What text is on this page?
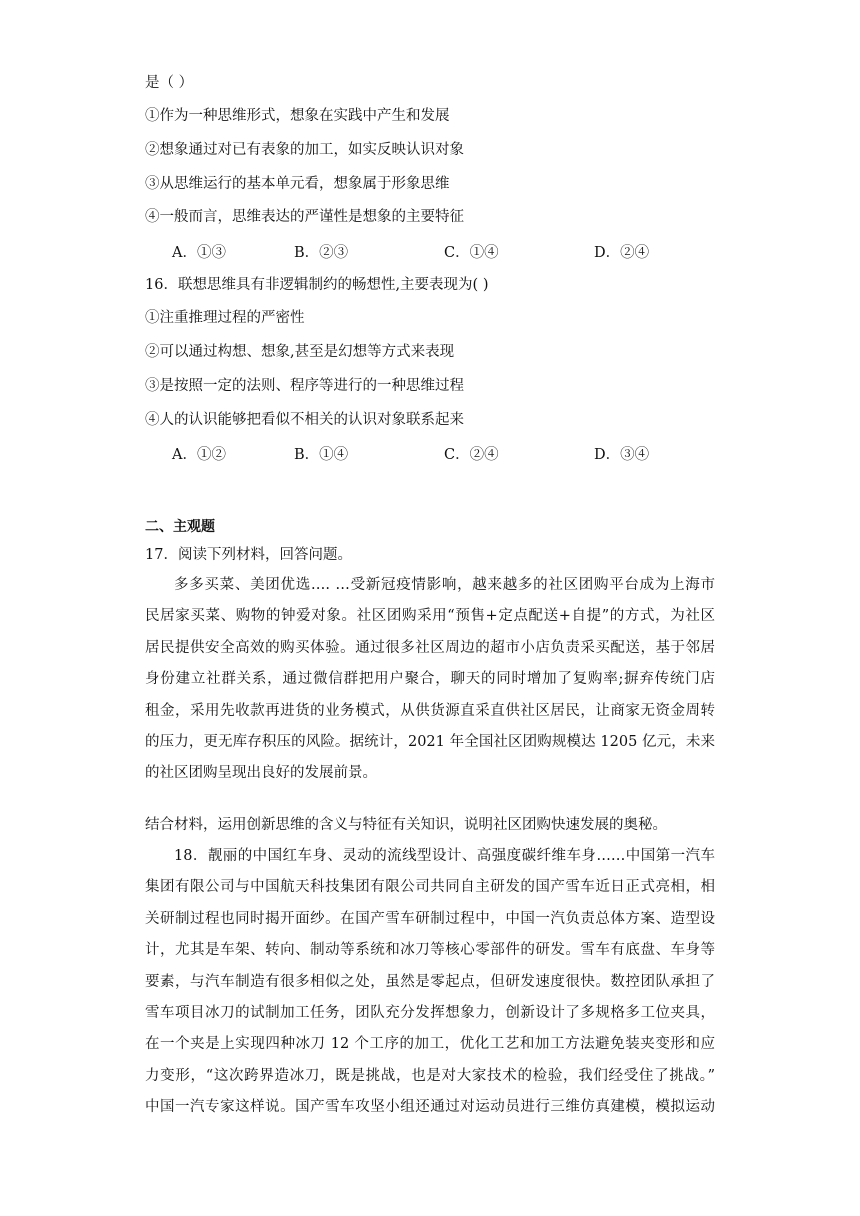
是（ ）
①作为一种思维形式，想象在实践中产生和发展
②想象通过对已有表象的加工，如实反映认识对象
③从思维运行的基本单元看，想象属于形象思维
④一般而言，思维表达的严谨性是想象的主要特征
A．①③	B．②③	C．①④	D．②④
16．联想思维具有非逻辑制约的畅想性,主要表现为( )
①注重推理过程的严密性
②可以通过构想、想象,甚至是幻想等方式来表现
③是按照一定的法则、程序等进行的一种思维过程
④人的认识能够把看似不相关的认识对象联系起来
A．①②	B．①④	C．②④	D．③④
二、主观题
17．阅读下列材料，回答问题。
多多买菜、美团优选…. …受新冠疫情影响，越来越多的社区团购平台成为上海市
民居家买菜、购物的钟爱对象。社区团购采用“预售+定点配送+自提”的方式，为社区
居民提供安全高效的购买体验。通过很多社区周边的超市小店负责采买配送，基于邻居
身份建立社群关系，通过微信群把用户聚合，聊天的同时增加了复购率;摒弃传统门店
租金，采用先收款再进货的业务模式，从供货源直采直供社区居民，让商家无资金周转
的压力，更无库存积压的风险。据统计，2021 年全国社区团购规模达 1205 亿元，未来
的社区团购呈现出良好的发展前景。
结合材料，运用创新思维的含义与特征有关知识，说明社区团购快速发展的奥秘。
18．靓丽的中国红车身、灵动的流线型设计、高强度碳纤维车身……中国第一汽车
集团有限公司与中国航天科技集团有限公司共同自主研发的国产雪车近日正式亮相，相
关研制过程也同时揭开面纱。在国产雪车研制过程中，中国一汽负责总体方案、造型设
计，尤其是车架、转向、制动等系统和冰刀等核心零部件的研发。雪车有底盘、车身等
要素，与汽车制造有很多相似之处，虽然是零起点，但研发速度很快。数控团队承担了
雪车项目冰刀的试制加工任务，团队充分发挥想象力，创新设计了多规格多工位夹具，
在一个夹是上实现四种冰刀 12 个工序的加工，优化工艺和加工方法避免装夹变形和应
力变形，“这次跨界造冰刀，既是挑战，也是对大家技术的检验，我们经受住了挑战。”
中国一汽专家这样说。国产雪车攻坚小组还通过对运动员进行三维仿真建模，模拟运动
